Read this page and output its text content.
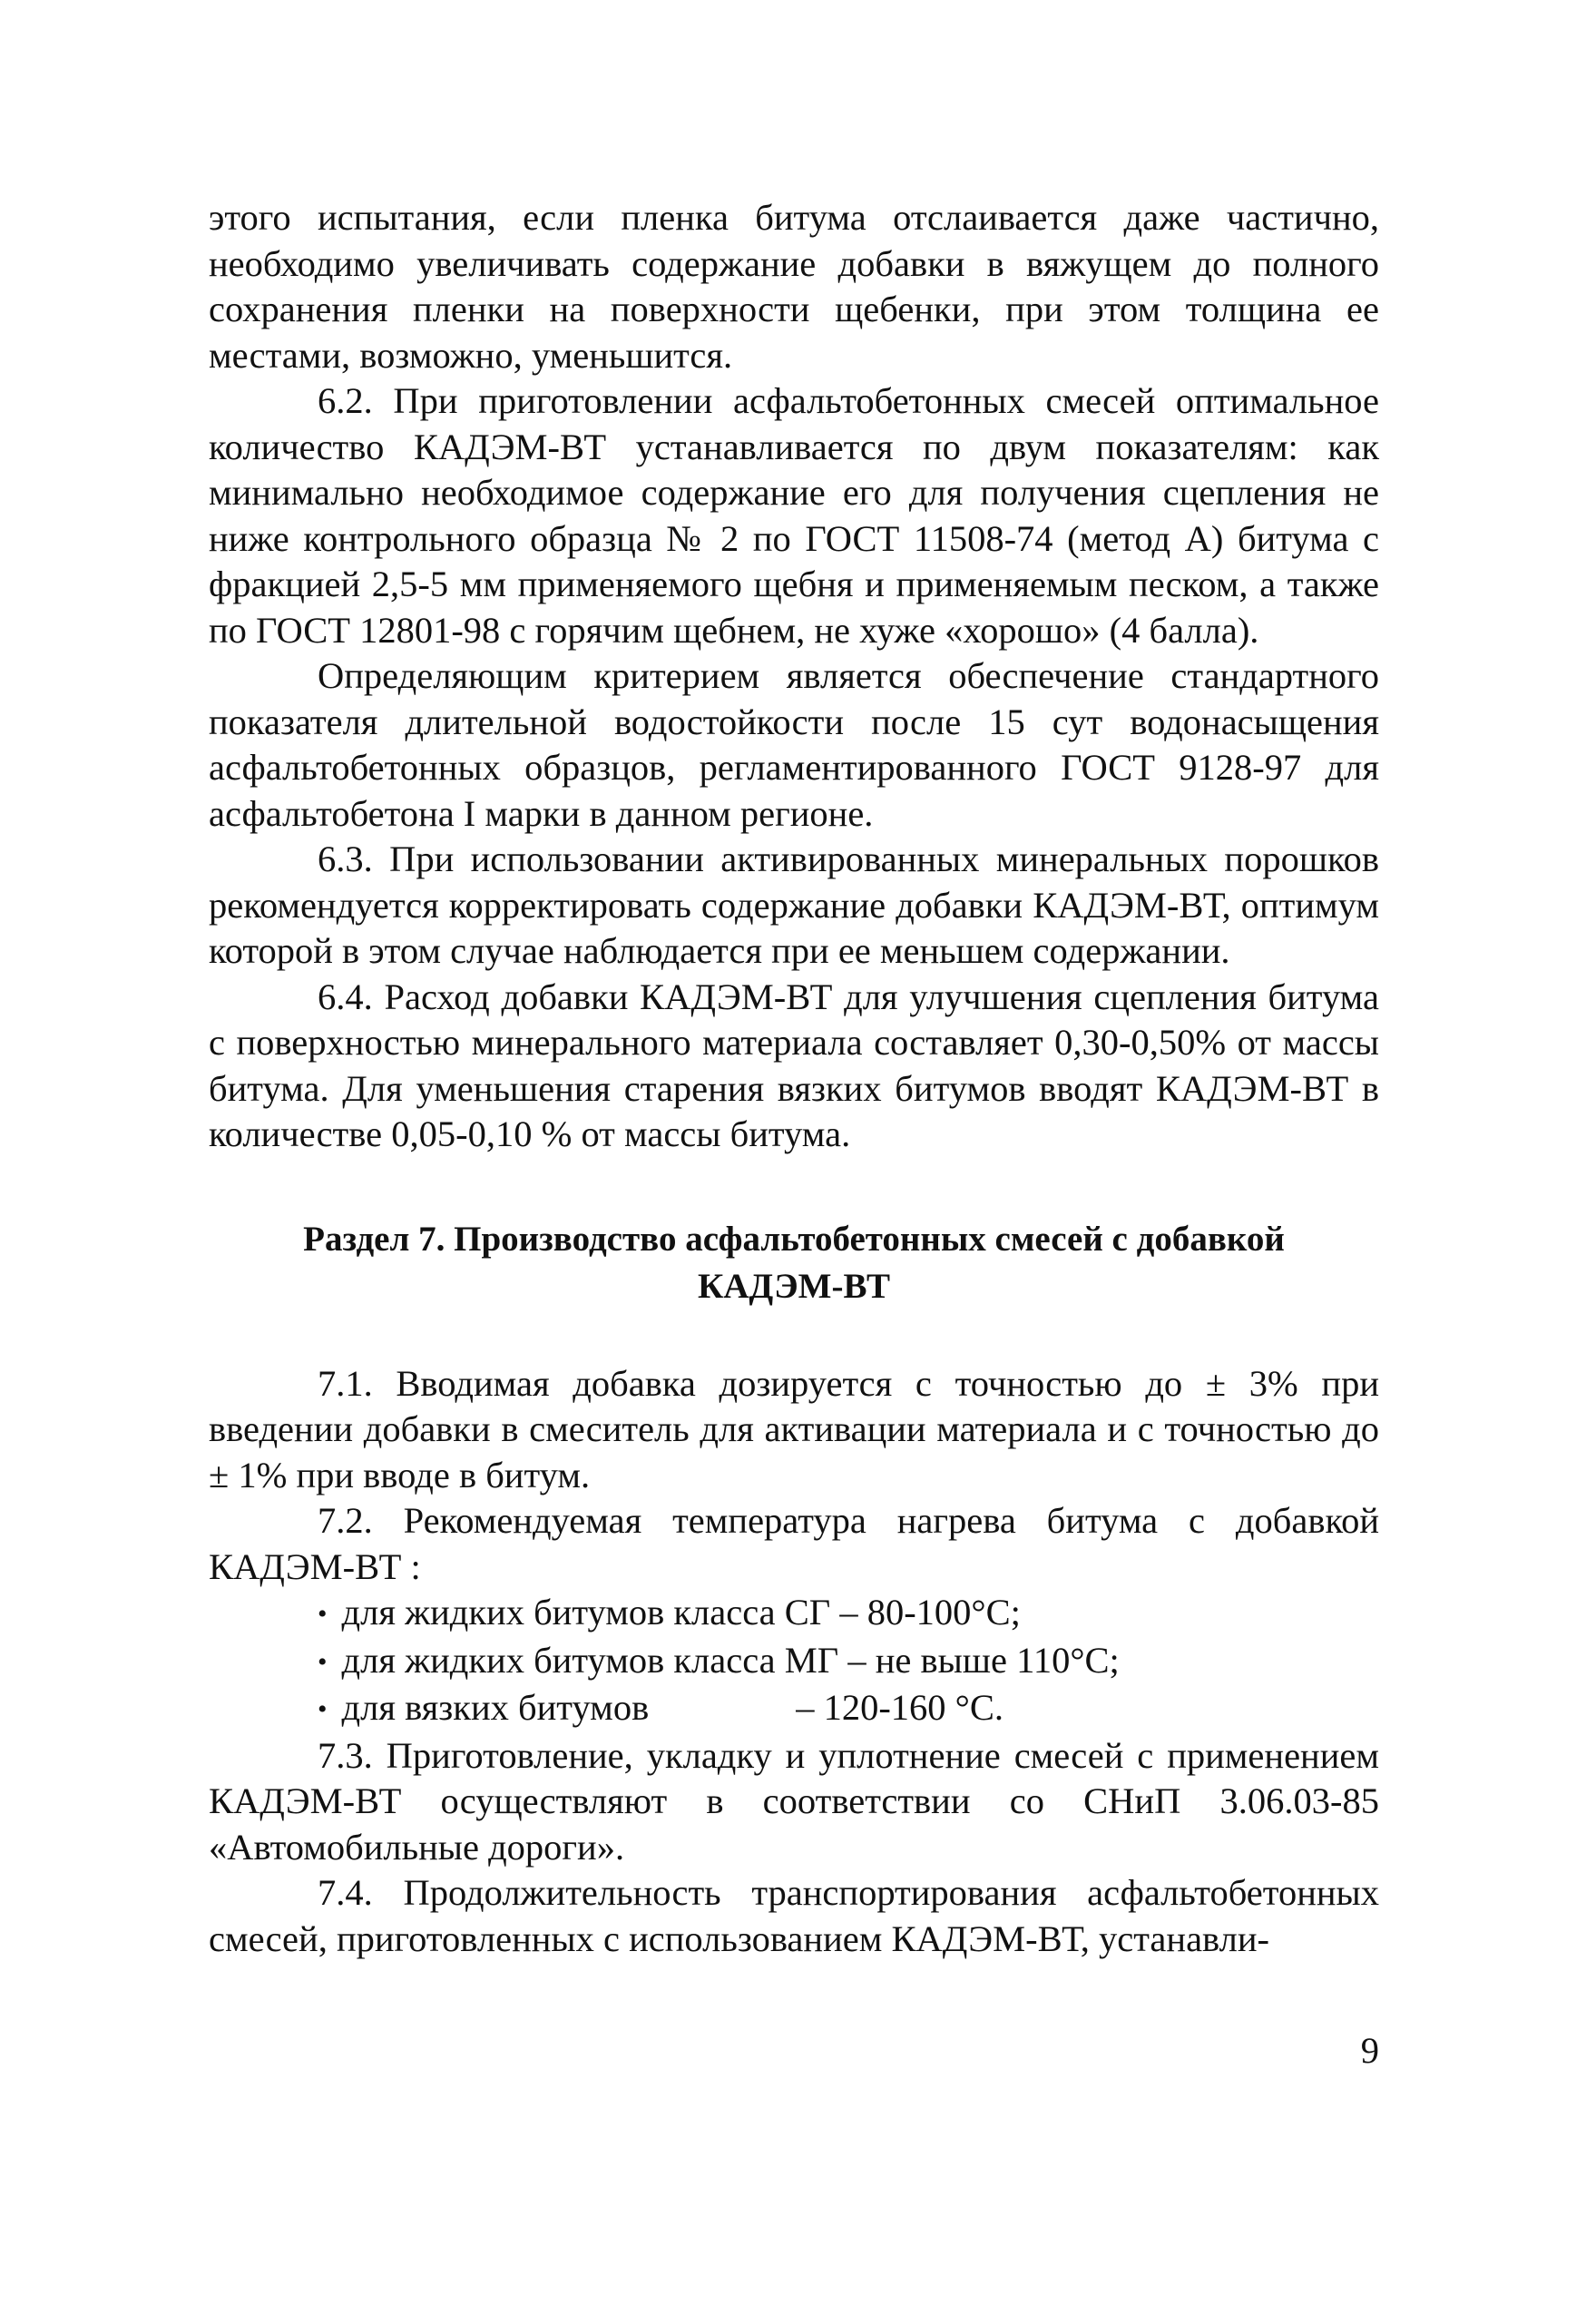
этого испытания, если пленка битума отслаивается даже частично, необходимо увеличивать содержание добавки в вяжущем до полного сохранения пленки на поверхности щебенки, при этом толщина ее местами, возможно, уменьшится.

6.2. При приготовлении асфальтобетонных смесей оптимальное количество КАДЭМ-ВТ устанавливается по двум показателям: как минимально необходимое содержание его для получения сцепления не ниже контрольного образца № 2 по ГОСТ 11508-74 (метод А) битума с фракцией 2,5-5 мм применяемого щебня и применяемым песком, а также по ГОСТ 12801-98 с горячим щебнем, не хуже «хорошо» (4 балла).

Определяющим критерием является обеспечение стандартного показателя длительной водостойкости после 15 сут водонасыщения асфальтобетонных образцов, регламентированного ГОСТ 9128-97 для асфальтобетона I марки в данном регионе.

6.3. При использовании активированных минеральных порошков рекомендуется корректировать содержание добавки КАДЭМ-ВТ, оптимум которой в этом случае наблюдается при ее меньшем содержании.

6.4. Расход добавки КАДЭМ-ВТ для улучшения сцепления битума с поверхностью минерального материала составляет 0,30-0,50% от массы битума. Для уменьшения старения вязких битумов вводят КАДЭМ-ВТ в количестве 0,05-0,10 % от массы битума.

Раздел 7. Производство асфальтобетонных смесей с добавкой
КАДЭМ-ВТ

7.1. Вводимая добавка дозируется с точностью до ± 3% при введении добавки в смеситель для активации материала и с точностью до ± 1% при вводе в битум.

7.2. Рекомендуемая температура нагрева битума с добавкой КАДЭМ-ВТ :

• для жидких битумов класса СГ – 80-100°С;

• для жидких битумов класса МГ – не выше 110°С;

• для вязких битумов                – 120-160 °С.

7.3. Приготовление, укладку и уплотнение смесей с применением КАДЭМ-ВТ осуществляют в соответствии со СНиП 3.06.03-85 «Автомобильные дороги».

7.4. Продолжительность транспортирования асфальтобетонных смесей, приготовленных с использованием КАДЭМ-ВТ, устанавли-

9
